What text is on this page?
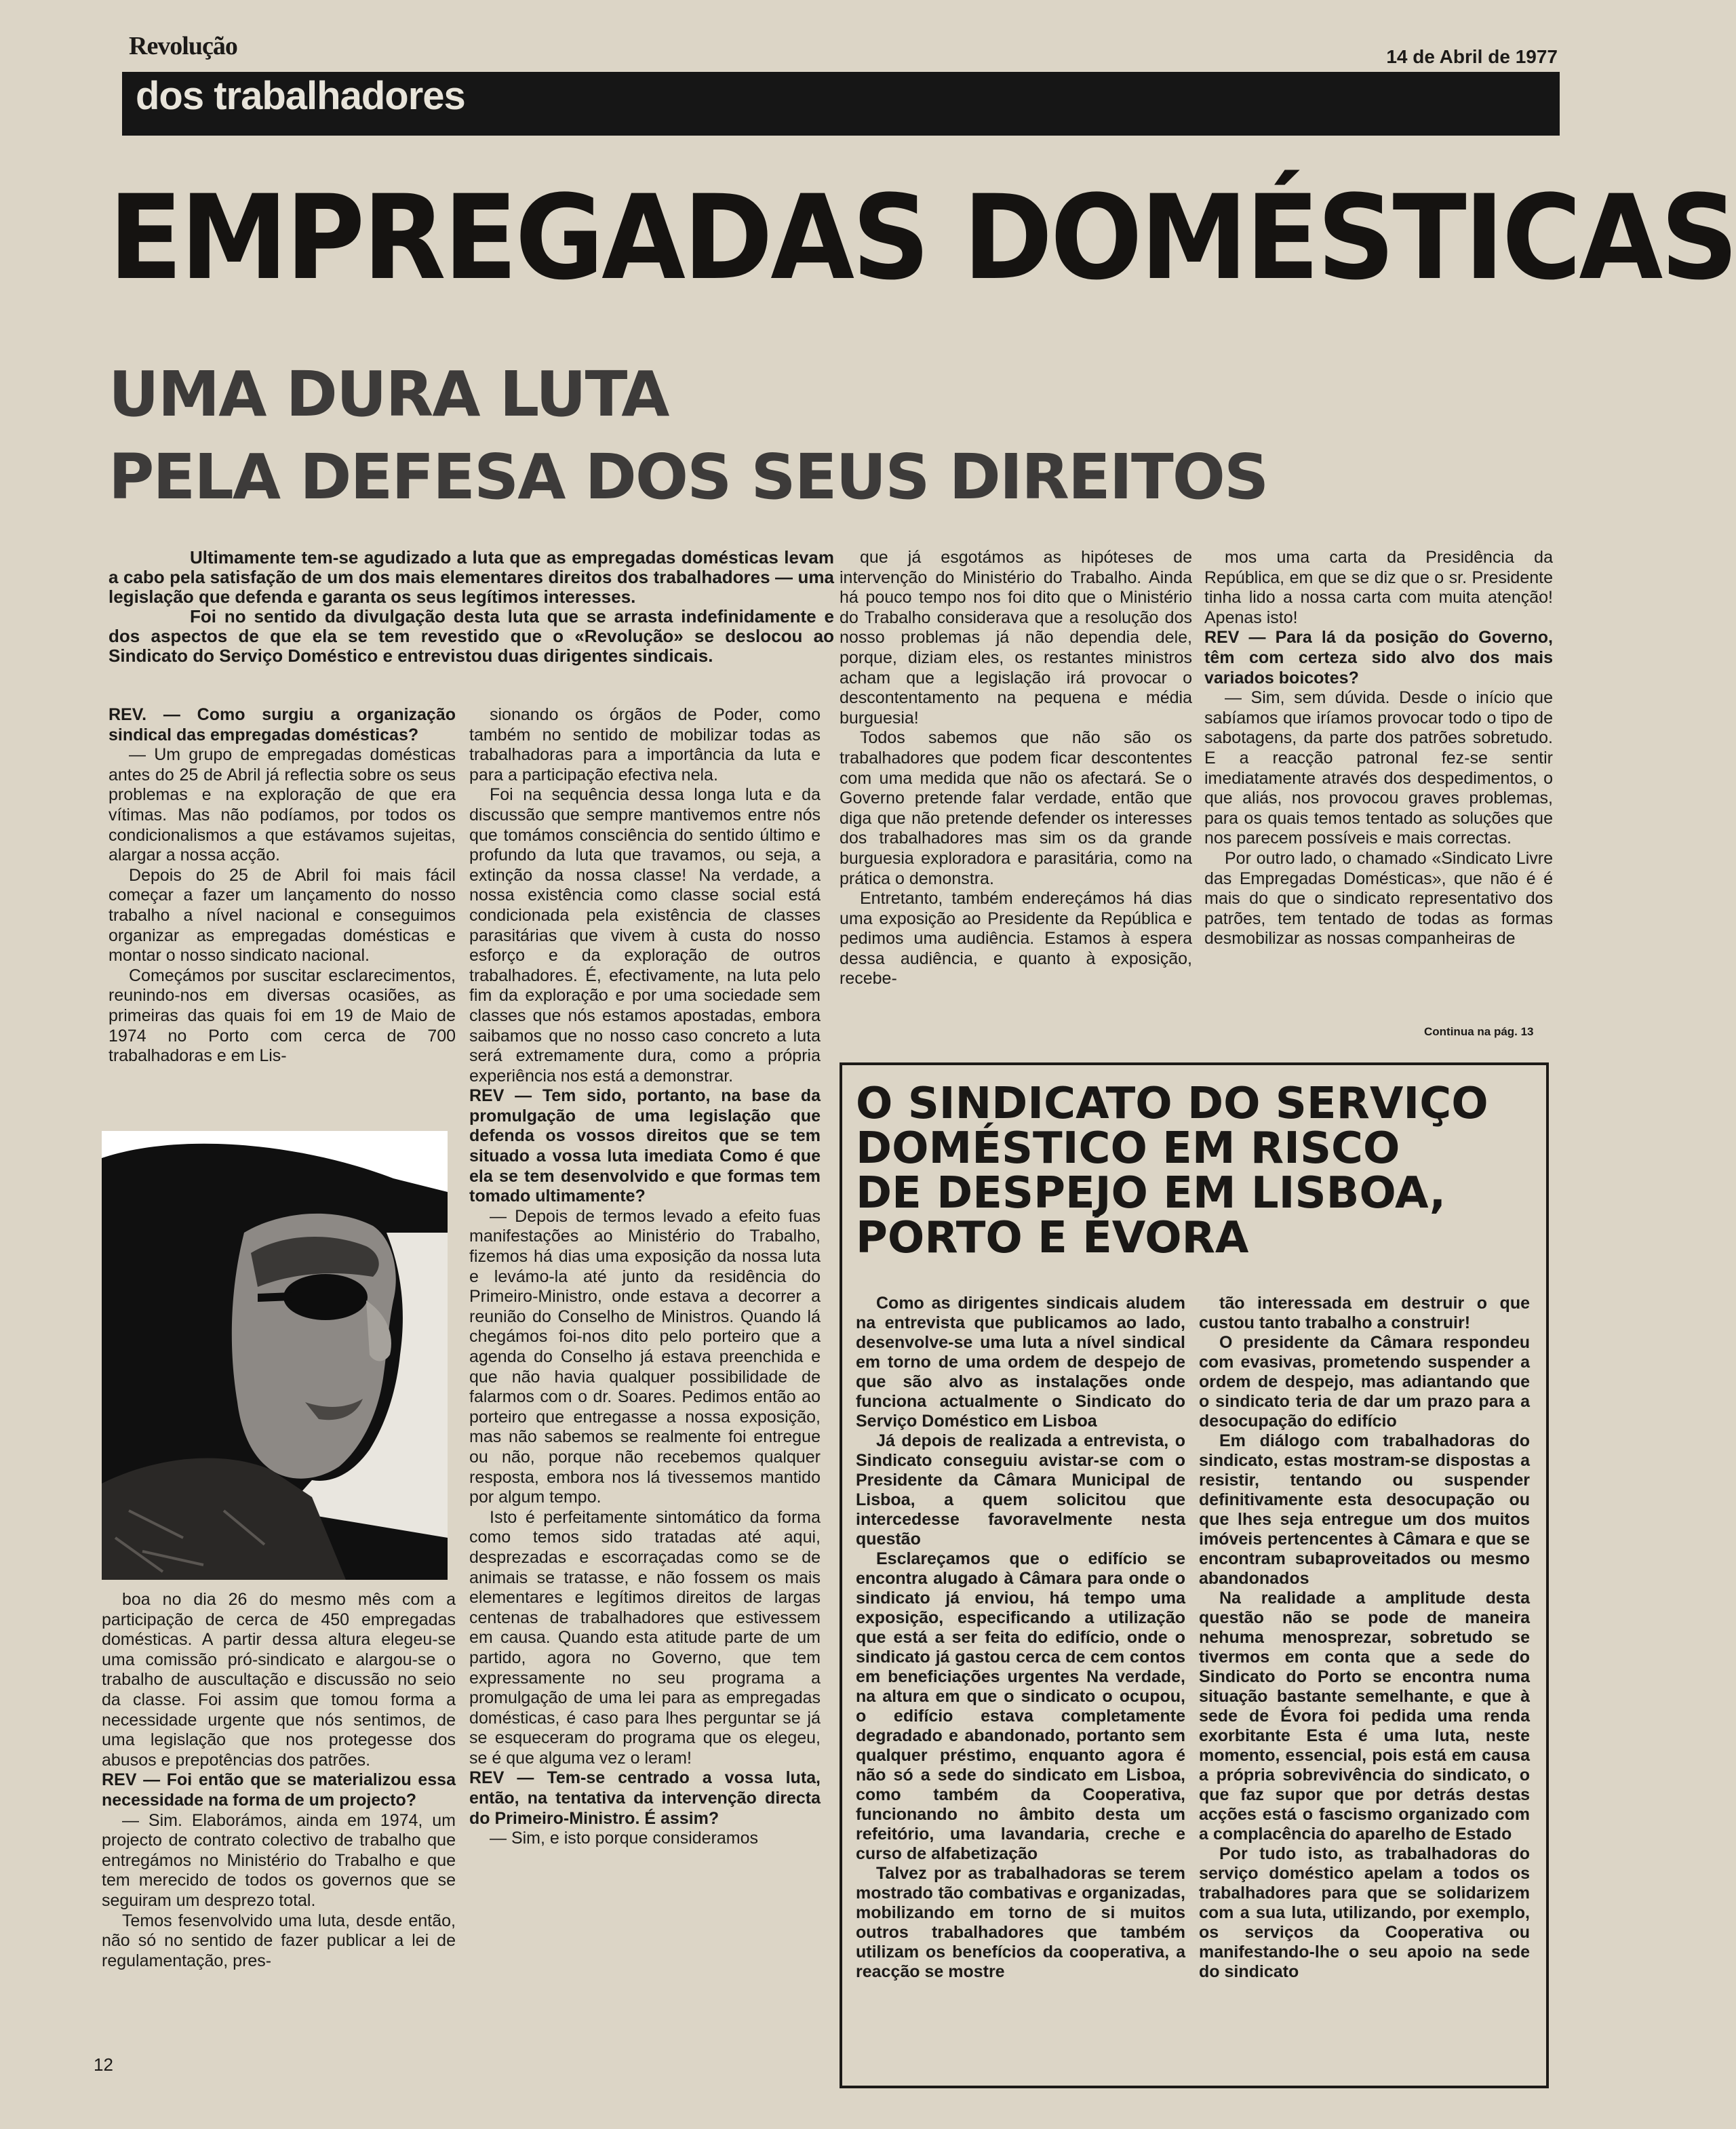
Revolução	14 de Abril de 1977
dos trabalhadores
EMPREGADAS DOMÉSTICAS
UMA DURA LUTA
PELA DEFESA DOS SEUS DIREITOS

Ultimamente tem-se agudizado a luta que as empregadas domésticas levam a cabo pela satisfação de um dos mais elementares direitos dos trabalhadores — uma legislação que defenda e garanta os seus legítimos interesses.

Foi no sentido da divulgação desta luta que se arrasta indefinidamente e dos aspectos de que ela se tem revestido que o «Revolução» se deslocou ao Sindicato do Serviço Doméstico e entrevistou duas dirigentes sindicais.

REV. — Como surgiu a organização sindical das empregadas domésticas?

— Um grupo de empregadas domésticas antes do 25 de Abril já reflectia sobre os seus problemas e na exploração de que era vítimas. Mas não podíamos, por todos os condicionalismos a que estávamos sujeitas, alargar a nossa acção.

Depois do 25 de Abril foi mais fácil começar a fazer um lançamento do nosso trabalho a nível nacional e conseguimos organizar as empregadas domésticas e montar o nosso sindicato nacional.

Começámos por suscitar esclarecimentos, reunindo-nos em diversas ocasiões, as primeiras das quais foi em 19 de Maio de 1974 no Porto com cerca de 700 trabalhadoras e em Lis-

boa no dia 26 do mesmo mês com a participação de cerca de 450 empregadas domésticas. A partir dessa altura elegeu-se uma comissão pró-sindicato e alargou-se o trabalho de auscultação e discussão no seio da classe. Foi assim que tomou forma a necessidade urgente que nós sentimos, de uma legislação que nos protegesse dos abusos e prepotências dos patrões.

REV — Foi então que se materializou essa necessidade na forma de um projecto?

— Sim. Elaborámos, ainda em 1974, um projecto de contrato colectivo de trabalho que entregámos no Ministério do Trabalho e que tem merecido de todos os governos que se seguiram um desprezo total.

Temos fesenvolvido uma luta, desde então, não só no sentido de fazer publicar a lei de regulamentação, pres-

sionando os órgãos de Poder, como também no sentido de mobilizar todas as trabalhadoras para a importância da luta e para a participação efectiva nela.

Foi na sequência dessa longa luta e da discussão que sempre mantivemos entre nós que tomámos consciência do sentido último e profundo da luta que travamos, ou seja, a extinção da nossa classe! Na verdade, a nossa existência como classe social está condicionada pela existência de classes parasitárias que vivem à custa do nosso esforço e da exploração de outros trabalhadores. É, efectivamente, na luta pelo fim da exploração e por uma sociedade sem classes que nós estamos apostadas, embora saibamos que no nosso caso concreto a luta será extremamente dura, como a própria experiência nos está a demonstrar.

REV — Tem sido, portanto, na base da promulgação de uma legislação que defenda os vossos direitos que se tem situado a vossa luta imediata Como é que ela se tem desenvolvido e que formas tem tomado ultimamente?

— Depois de termos levado a efeito fuas manifestações ao Ministério do Trabalho, fizemos há dias uma exposição da nossa luta e levámo-la até junto da residência do Primeiro-Ministro, onde estava a decorrer a reunião do Conselho de Ministros. Quando lá chegámos foi-nos dito pelo porteiro que a agenda do Conselho já estava preenchida e que não havia qualquer possibilidade de falarmos com o dr. Soares. Pedimos então ao porteiro que entregasse a nossa exposição, mas não sabemos se realmente foi entregue ou não, porque não recebemos qualquer resposta, embora nos lá tivessemos mantido por algum tempo.

Isto é perfeitamente sintomático da forma como temos sido tratadas até aqui, desprezadas e escorraçadas como se de animais se tratasse, e não fossem os mais elementares e legítimos direitos de largas centenas de trabalhadores que estivessem em causa. Quando esta atitude parte de um partido, agora no Governo, que tem expressamente no seu programa a promulgação de uma lei para as empregadas domésticas, é caso para lhes perguntar se já se esqueceram do programa que os elegeu, se é que alguma vez o leram!

REV — Tem-se centrado a vossa luta, então, na tentativa da intervenção directa do Primeiro-Ministro. É assim?

— Sim, e isto porque consideramos

que já esgotámos as hipóteses de intervenção do Ministério do Trabalho. Ainda há pouco tempo nos foi dito que o Ministério do Trabalho considerava que a resolução dos nosso problemas já não dependia dele, porque, diziam eles, os restantes ministros acham que a legislação irá provocar o descontentamento na pequena e média burguesia!

Todos sabemos que não são os trabalhadores que podem ficar descontentes com uma medida que não os afectará. Se o Governo pretende falar verdade, então que diga que não pretende defender os interesses dos trabalhadores mas sim os da grande burguesia exploradora e parasitária, como na prática o demonstra.

Entretanto, também endereçámos há dias uma exposição ao Presidente da República e pedimos uma audiência. Estamos à espera dessa audiência, e quanto à exposição, recebe-

mos uma carta da Presidência da República, em que se diz que o sr. Presidente tinha lido a nossa carta com muita atenção! Apenas isto!

REV — Para lá da posição do Governo, têm com certeza sido alvo dos mais variados boicotes?

— Sim, sem dúvida. Desde o início que sabíamos que iríamos provocar todo o tipo de sabotagens, da parte dos patrões sobretudo. E a reacção patronal fez-se sentir imediatamente através dos despedimentos, o que aliás, nos provocou graves problemas, para os quais temos tentado as soluções que nos parecem possíveis e mais correctas.

Por outro lado, o chamado «Sindicato Livre das Empregadas Domésticas», que não é é mais do que o sindicato representativo dos patrões, tem tentado de todas as formas desmobilizar as nossas companheiras de

Continua na pág. 13
O SINDICATO DO SERVIÇO
DOMÉSTICO EM RISCO
DE DESPEJO EM LISBOA,
PORTO E ÉVORA

Como as dirigentes sindicais aludem na entrevista que publicamos ao lado, desenvolve-se uma luta a nível sindical em torno de uma ordem de despejo de que são alvo as instalações onde funciona actualmente o Sindicato do Serviço Doméstico em Lisboa

Já depois de realizada a entrevista, o Sindicato conseguiu avistar-se com o Presidente da Câmara Municipal de Lisboa, a quem solicitou que intercedesse favoravelmente nesta questão

Esclareçamos que o edifício se encontra alugado à Câmara para onde o sindicato já enviou, há tempo uma exposição, especificando a utilização que está a ser feita do edifício, onde o sindicato já gastou cerca de cem contos em beneficiações urgentes Na verdade, na altura em que o sindicato o ocupou, o edifício estava completamente degradado e abandonado, portanto sem qualquer préstimo, enquanto agora é não só a sede do sindicato em Lisboa, como também da Cooperativa, funcionando no âmbito desta um refeitório, uma lavandaria, creche e curso de alfabetização

Talvez por as trabalhadoras se terem mostrado tão combativas e organizadas, mobilizando em torno de si muitos outros trabalhadores que também utilizam os benefícios da cooperativa, a reacção se mostre

tão interessada em destruir o que custou tanto trabalho a construir!

O presidente da Câmara respondeu com evasivas, prometendo suspender a ordem de despejo, mas adiantando que o sindicato teria de dar um prazo para a desocupação do edifício

Em diálogo com trabalhadoras do sindicato, estas mostram-se dispostas a resistir, tentando ou suspender definitivamente esta desocupação ou que lhes seja entregue um dos muitos imóveis pertencentes à Câmara e que se encontram subaproveitados ou mesmo abandonados

Na realidade a amplitude desta questão não se pode de maneira nehuma menosprezar, sobretudo se tivermos em conta que a sede do Sindicato do Porto se encontra numa situação bastante semelhante, e que à sede de Évora foi pedida uma renda exorbitante Esta é uma luta, neste momento, essencial, pois está em causa a própria sobrevivência do sindicato, o que faz supor que por detrás destas acções está o fascismo organizado com a complacência do aparelho de Estado

Por tudo isto, as trabalhadoras do serviço doméstico apelam a todos os trabalhadores para que se solidarizem com a sua luta, utilizando, por exemplo, os serviços da Cooperativa ou manifestando-lhe o seu apoio na sede do sindicato

12
